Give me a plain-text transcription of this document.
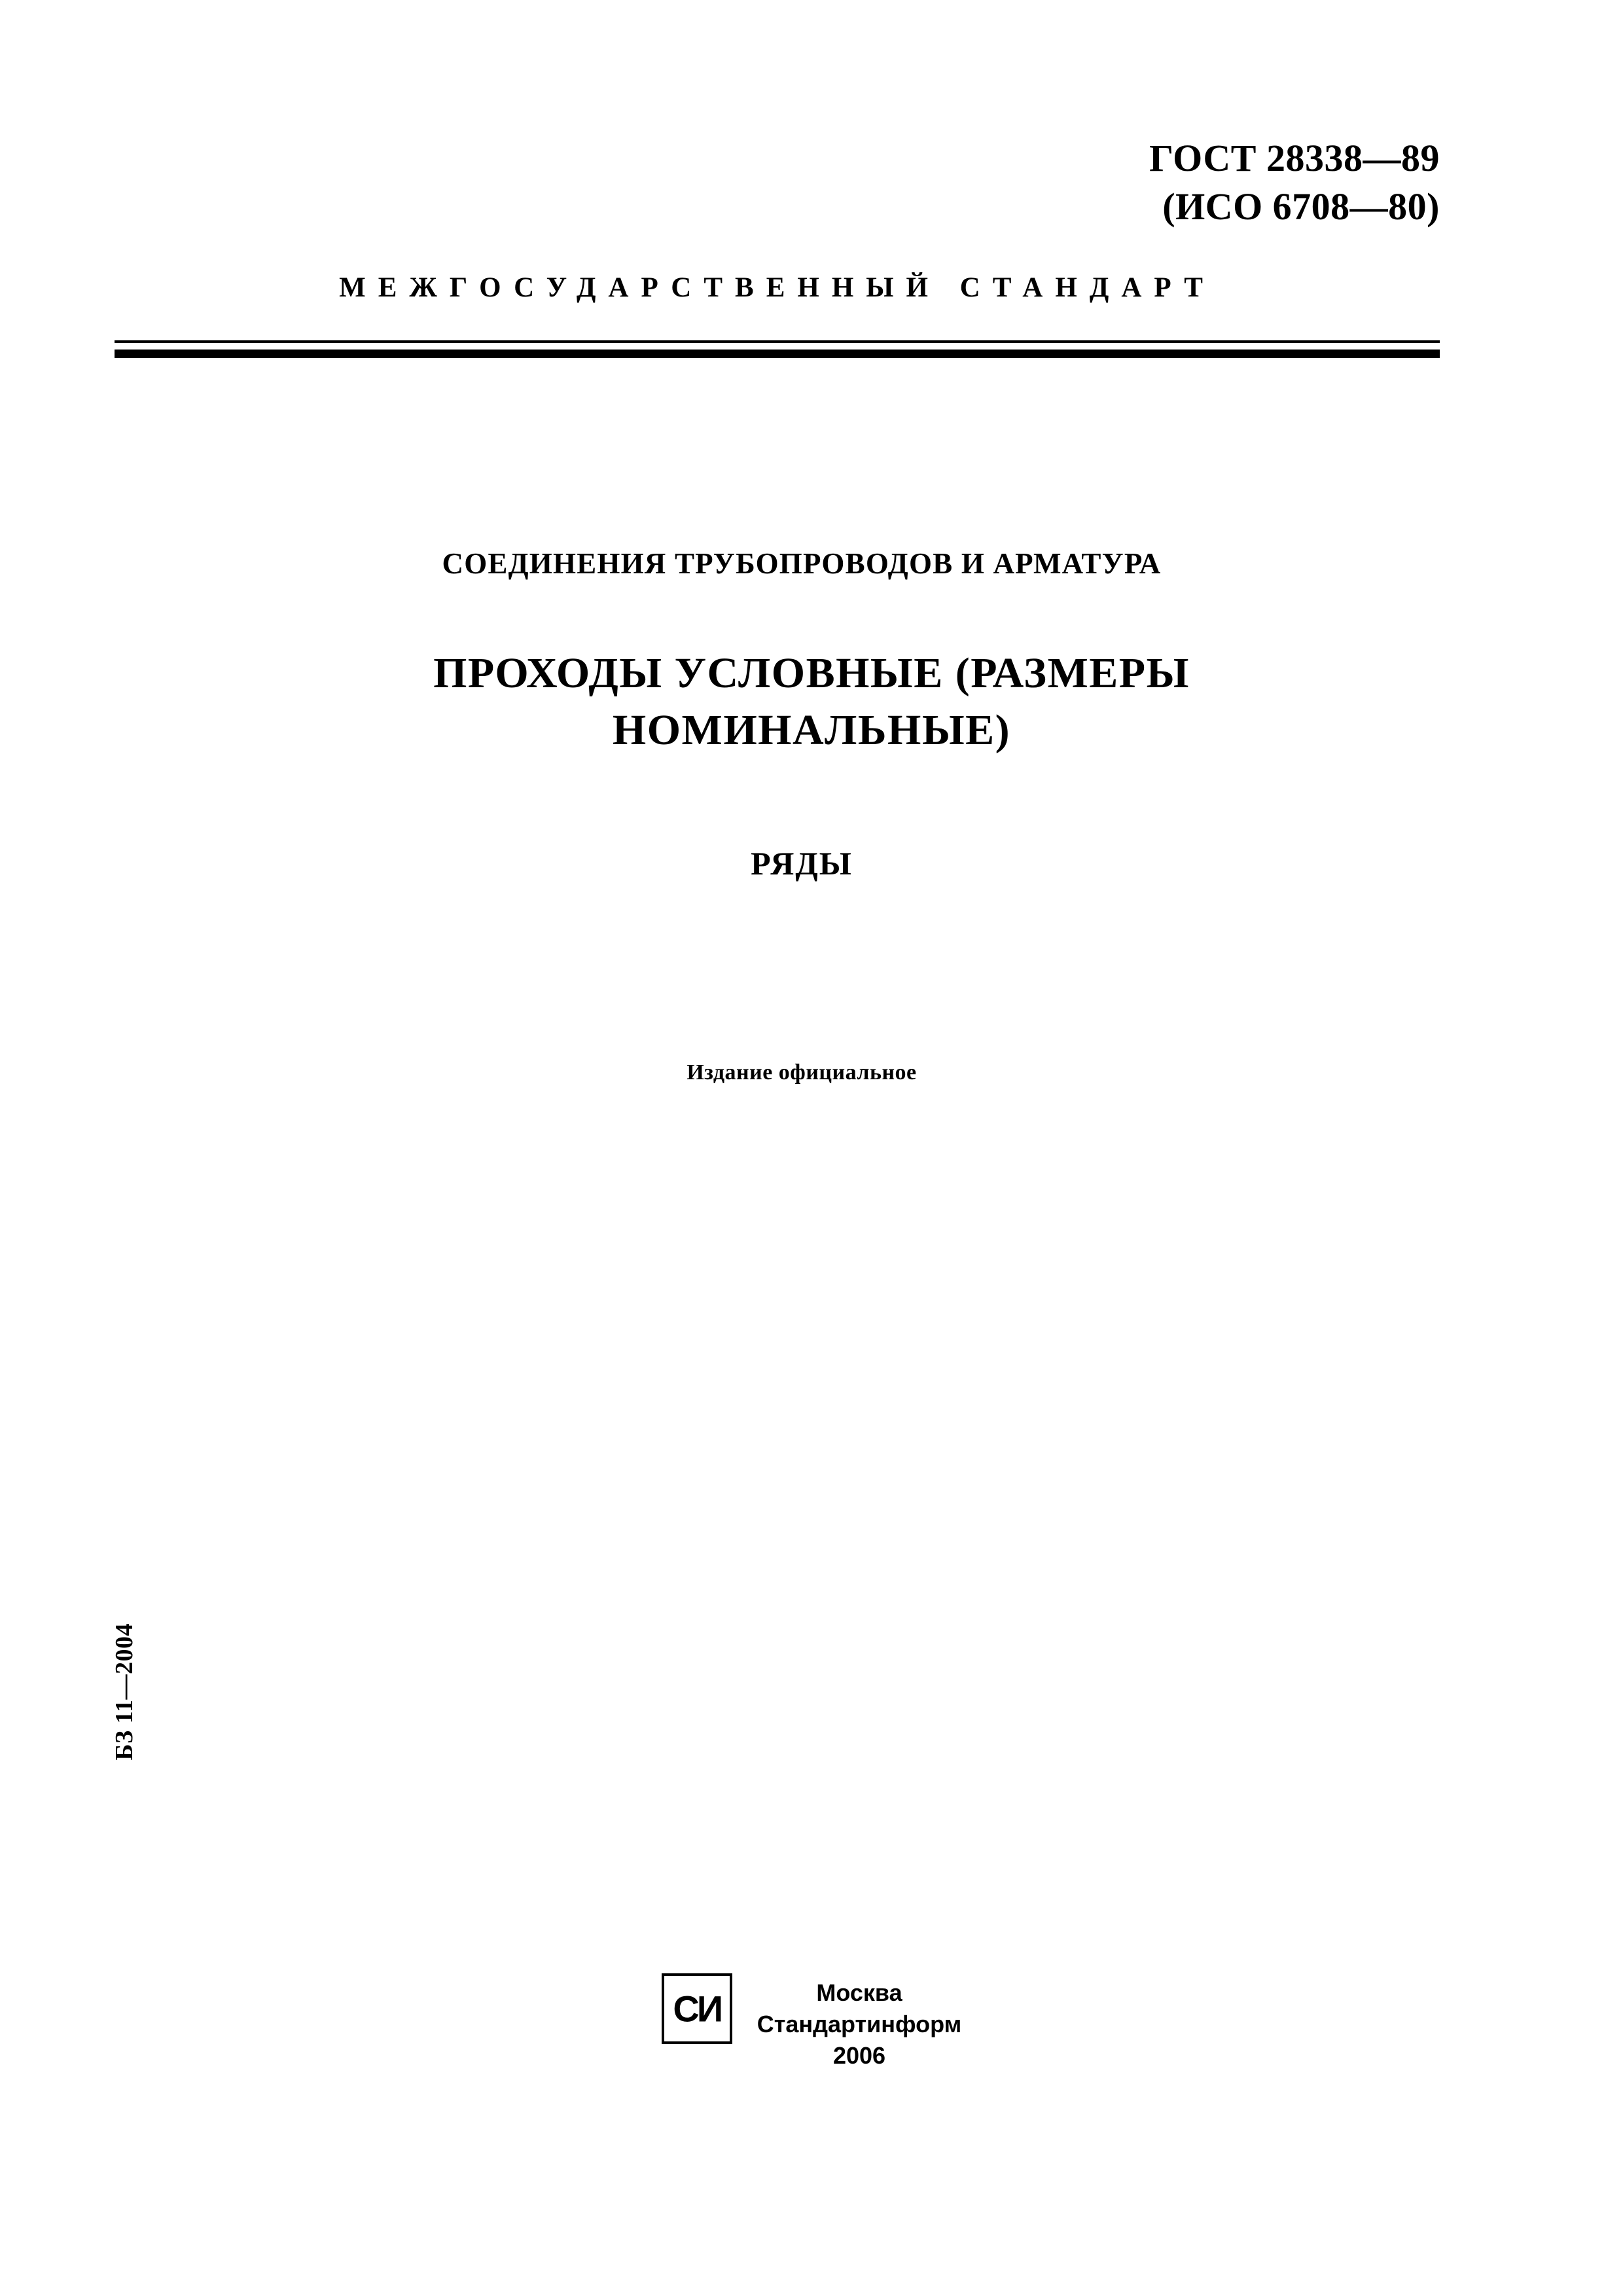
ГОСТ 28338—89
(ИСО 6708—80)
МЕЖГОСУДАРСТВЕННЫЙ СТАНДАРТ
СОЕДИНЕНИЯ ТРУБОПРОВОДОВ И АРМАТУРА
ПРОХОДЫ УСЛОВНЫЕ (РАЗМЕРЫ
НОМИНАЛЬНЫЕ)
РЯДЫ
Издание официальное
БЗ 11—2004
СИ	Москва
Стандартинформ
2006
